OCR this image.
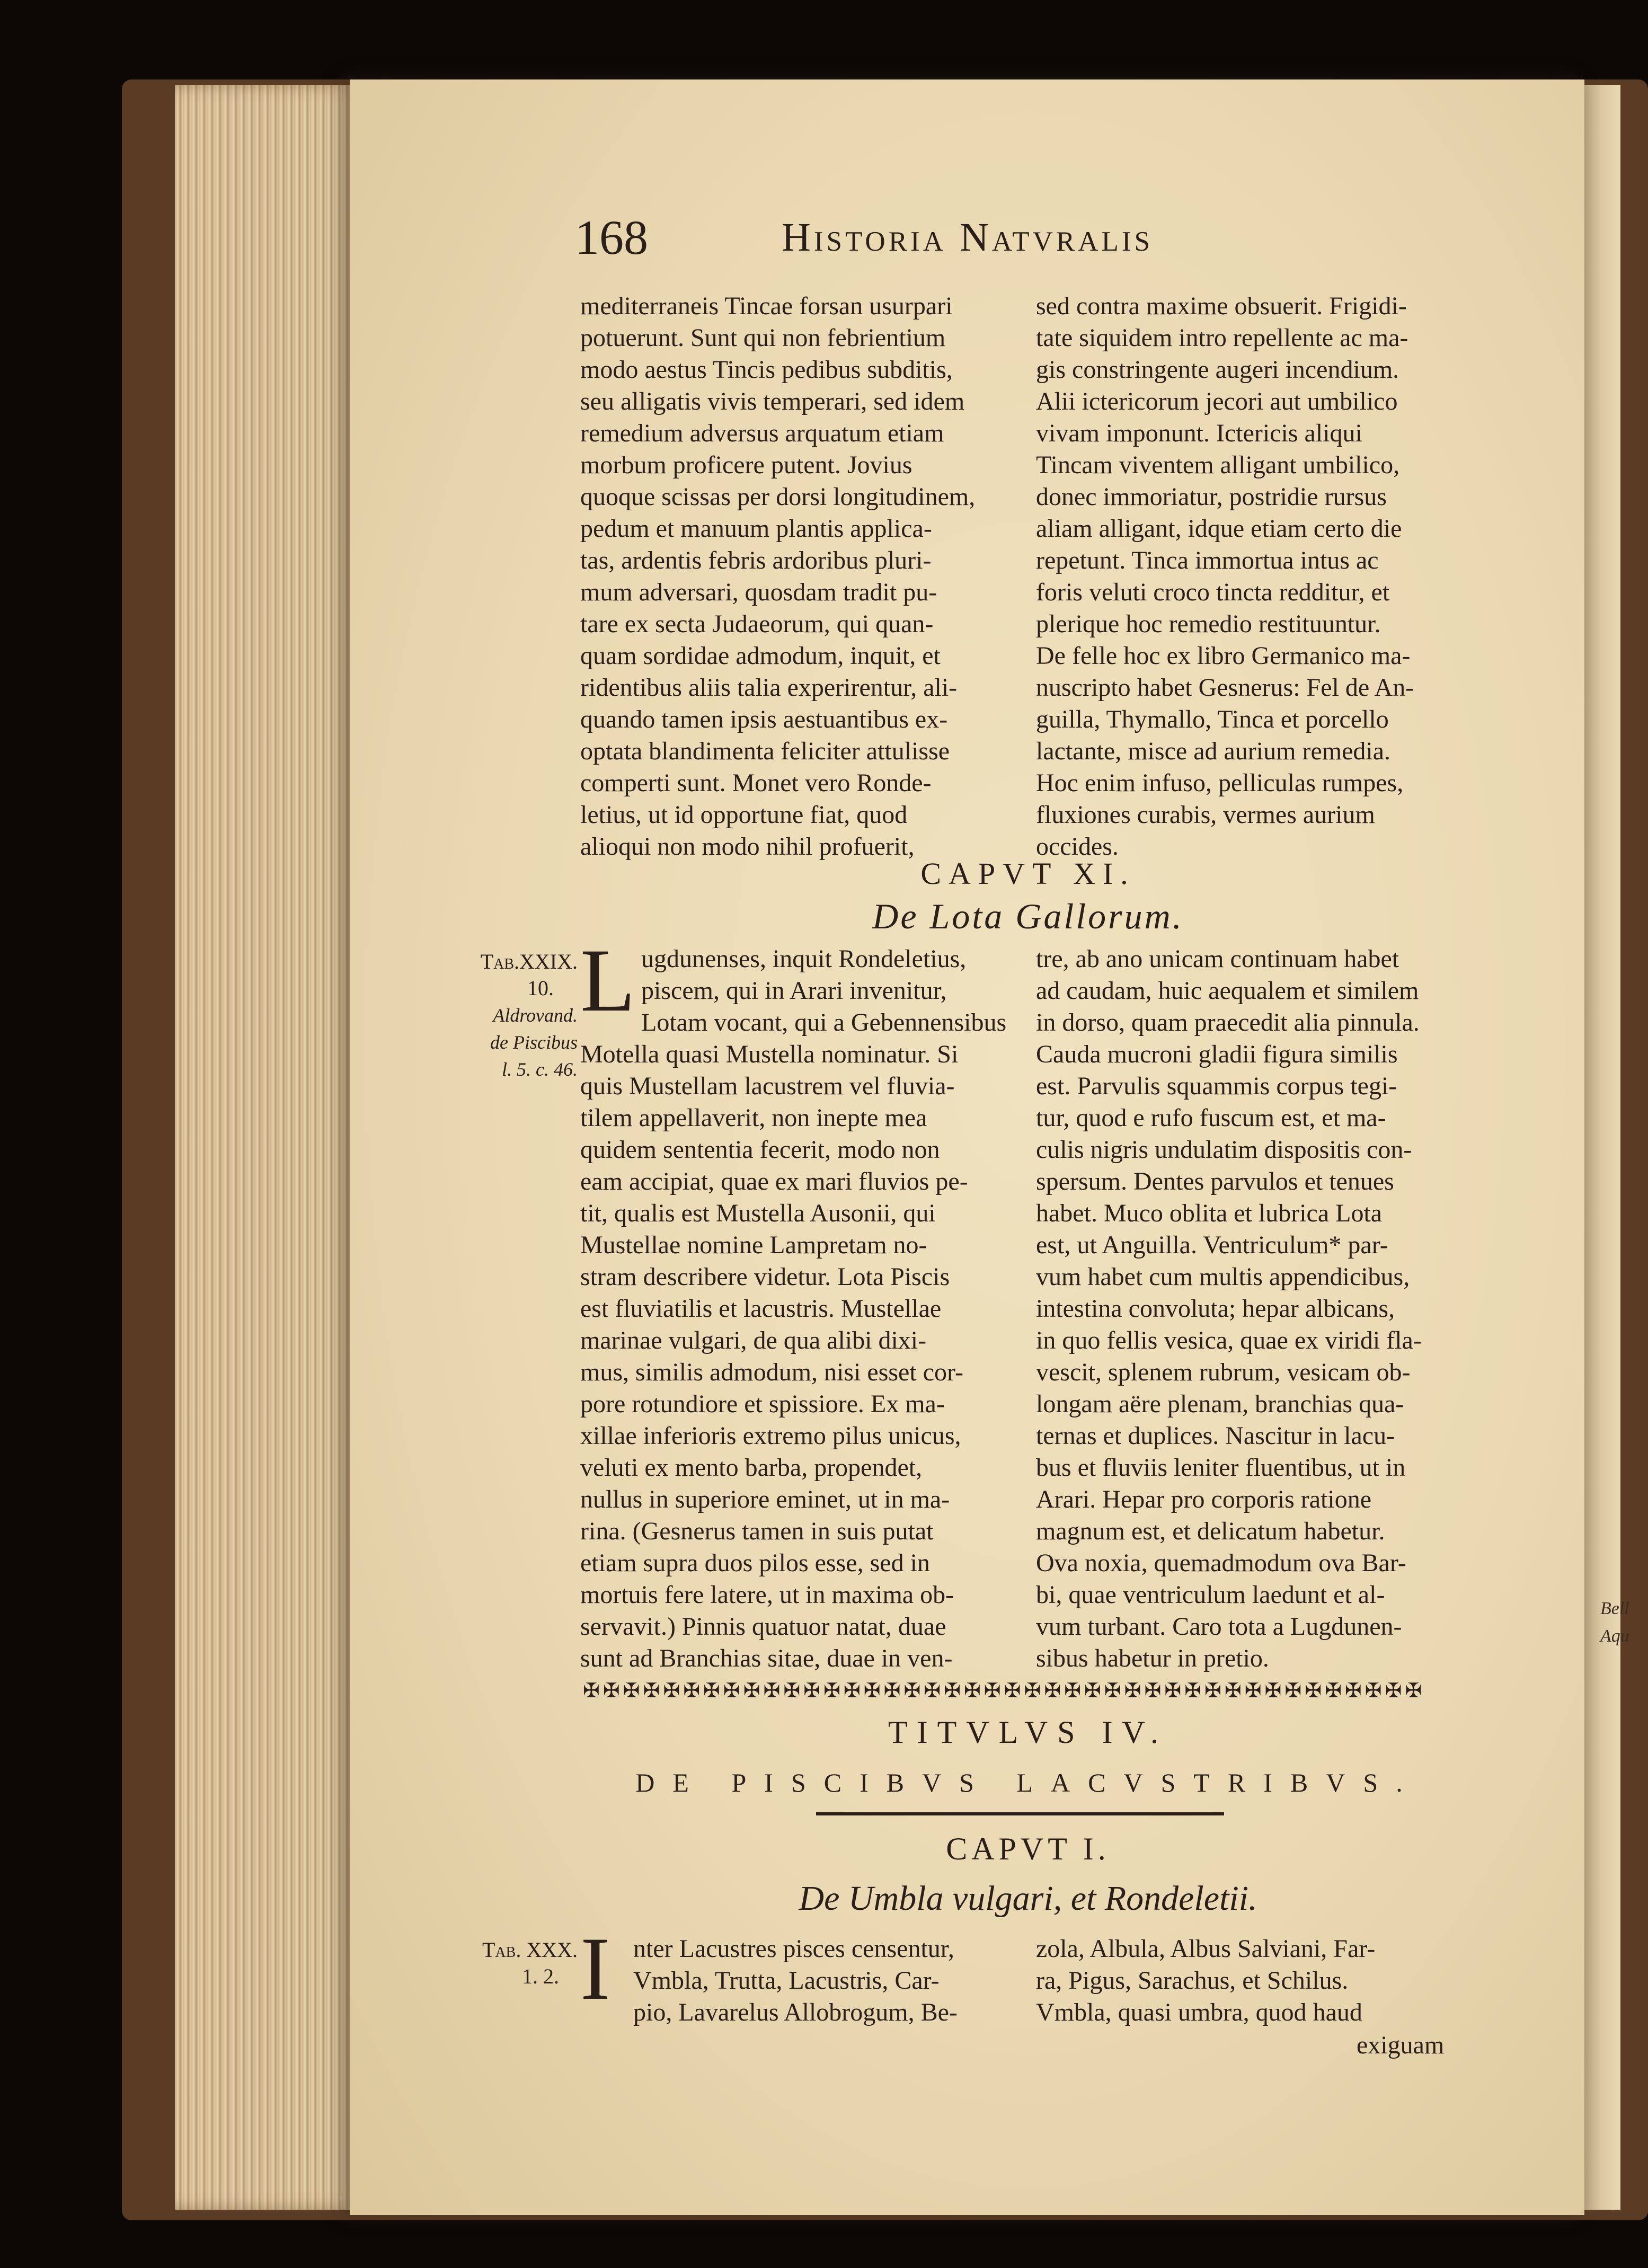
Bell
Aqu
168	Historia Natvralis
mediterraneis Tincae forsan usurpari
potuerunt. Sunt qui non febrientium
modo aestus Tincis pedibus subditis,
seu alligatis vivis temperari, sed idem
remedium adversus arquatum etiam
morbum proficere putent. Jovius
quoque scissas per dorsi longitudinem,
pedum et manuum plantis applica-
tas, ardentis febris ardoribus pluri-
mum adversari, quosdam tradit pu-
tare ex secta Judaeorum, qui quan-
quam sordidae admodum, inquit, et
ridentibus aliis talia experirentur, ali-
quando tamen ipsis aestuantibus ex-
optata blandimenta feliciter attulisse
comperti sunt. Monet vero Ronde-
letius, ut id opportune fiat, quod
alioqui non modo nihil profuerit,
sed contra maxime obsuerit. Frigidi-
tate siquidem intro repellente ac ma-
gis constringente augeri incendium.
Alii ictericorum jecori aut umbilico
vivam imponunt. Ictericis aliqui
Tincam viventem alligant umbilico,
donec immoriatur, postridie rursus
aliam alligant, idque etiam certo die
repetunt. Tinca immortua intus ac
foris veluti croco tincta redditur, et
plerique hoc remedio restituuntur.
De felle hoc ex libro Germanico ma-
nuscripto habet Gesnerus: Fel de An-
guilla, Thymallo, Tinca et porcello
lactante, misce ad aurium remedia.
Hoc enim infuso, pelliculas rumpes,
fluxiones curabis, vermes aurium
occides.
CAPVT XI.
De Lota Gallorum.
Tab.XXIX.
10.
Aldrovand.
de Piscibus
l. 5. c. 46.
L ugdunenses, inquit Rondeletius,
piscem, qui in Arari invenitur,
Lotam vocant, qui a Gebennensibus
Motella quasi Mustella nominatur. Si
quis Mustellam lacustrem vel fluvia-
tilem appellaverit, non inepte mea
quidem sententia fecerit, modo non
eam accipiat, quae ex mari fluvios pe-
tit, qualis est Mustella Ausonii, qui
Mustellae nomine Lampretam no-
stram describere videtur. Lota Piscis
est fluviatilis et lacustris. Mustellae
marinae vulgari, de qua alibi dixi-
mus, similis admodum, nisi esset cor-
pore rotundiore et spissiore. Ex ma-
xillae inferioris extremo pilus unicus,
veluti ex mento barba, propendet,
nullus in superiore eminet, ut in ma-
rina. (Gesnerus tamen in suis putat
etiam supra duos pilos esse, sed in
mortuis fere latere, ut in maxima ob-
servavit.) Pinnis quatuor natat, duae
sunt ad Branchias sitae, duae in ven-
tre, ab ano unicam continuam habet
ad caudam, huic aequalem et similem
in dorso, quam praecedit alia pinnula.
Cauda mucroni gladii figura similis
est. Parvulis squammis corpus tegi-
tur, quod e rufo fuscum est, et ma-
culis nigris undulatim dispositis con-
spersum. Dentes parvulos et tenues
habet. Muco oblita et lubrica Lota
est, ut Anguilla. Ventriculum* par-
vum habet cum multis appendicibus,
intestina convoluta; hepar albicans,
in quo fellis vesica, quae ex viridi fla-
vescit, splenem rubrum, vesicam ob-
longam aëre plenam, branchias qua-
ternas et duplices. Nascitur in lacu-
bus et fluviis leniter fluentibus, ut in
Arari. Hepar pro corporis ratione
magnum est, et delicatum habetur.
Ova noxia, quemadmodum ova Bar-
bi, quae ventriculum laedunt et al-
vum turbant. Caro tota a Lugdunen-
sibus habetur in pretio.
✠✠✠✠✠✠✠✠✠✠✠✠✠✠✠✠✠✠✠✠✠✠✠✠✠✠✠✠✠✠✠✠✠✠✠✠✠✠✠✠✠✠
TITVLVS IV.
DE PISCIBVS LACVSTRIBVS.
CAPVT I.
De Umbla vulgari, et Rondeletii.
Tab. XXX.
1. 2. I nter Lacustres pisces censentur,
Vmbla, Trutta, Lacustris, Car-
pio, Lavarelus Allobrogum, Be-
zola, Albula, Albus Salviani, Far-
ra, Pigus, Sarachus, et Schilus.
Vmbla, quasi umbra, quod haud
exiguam
